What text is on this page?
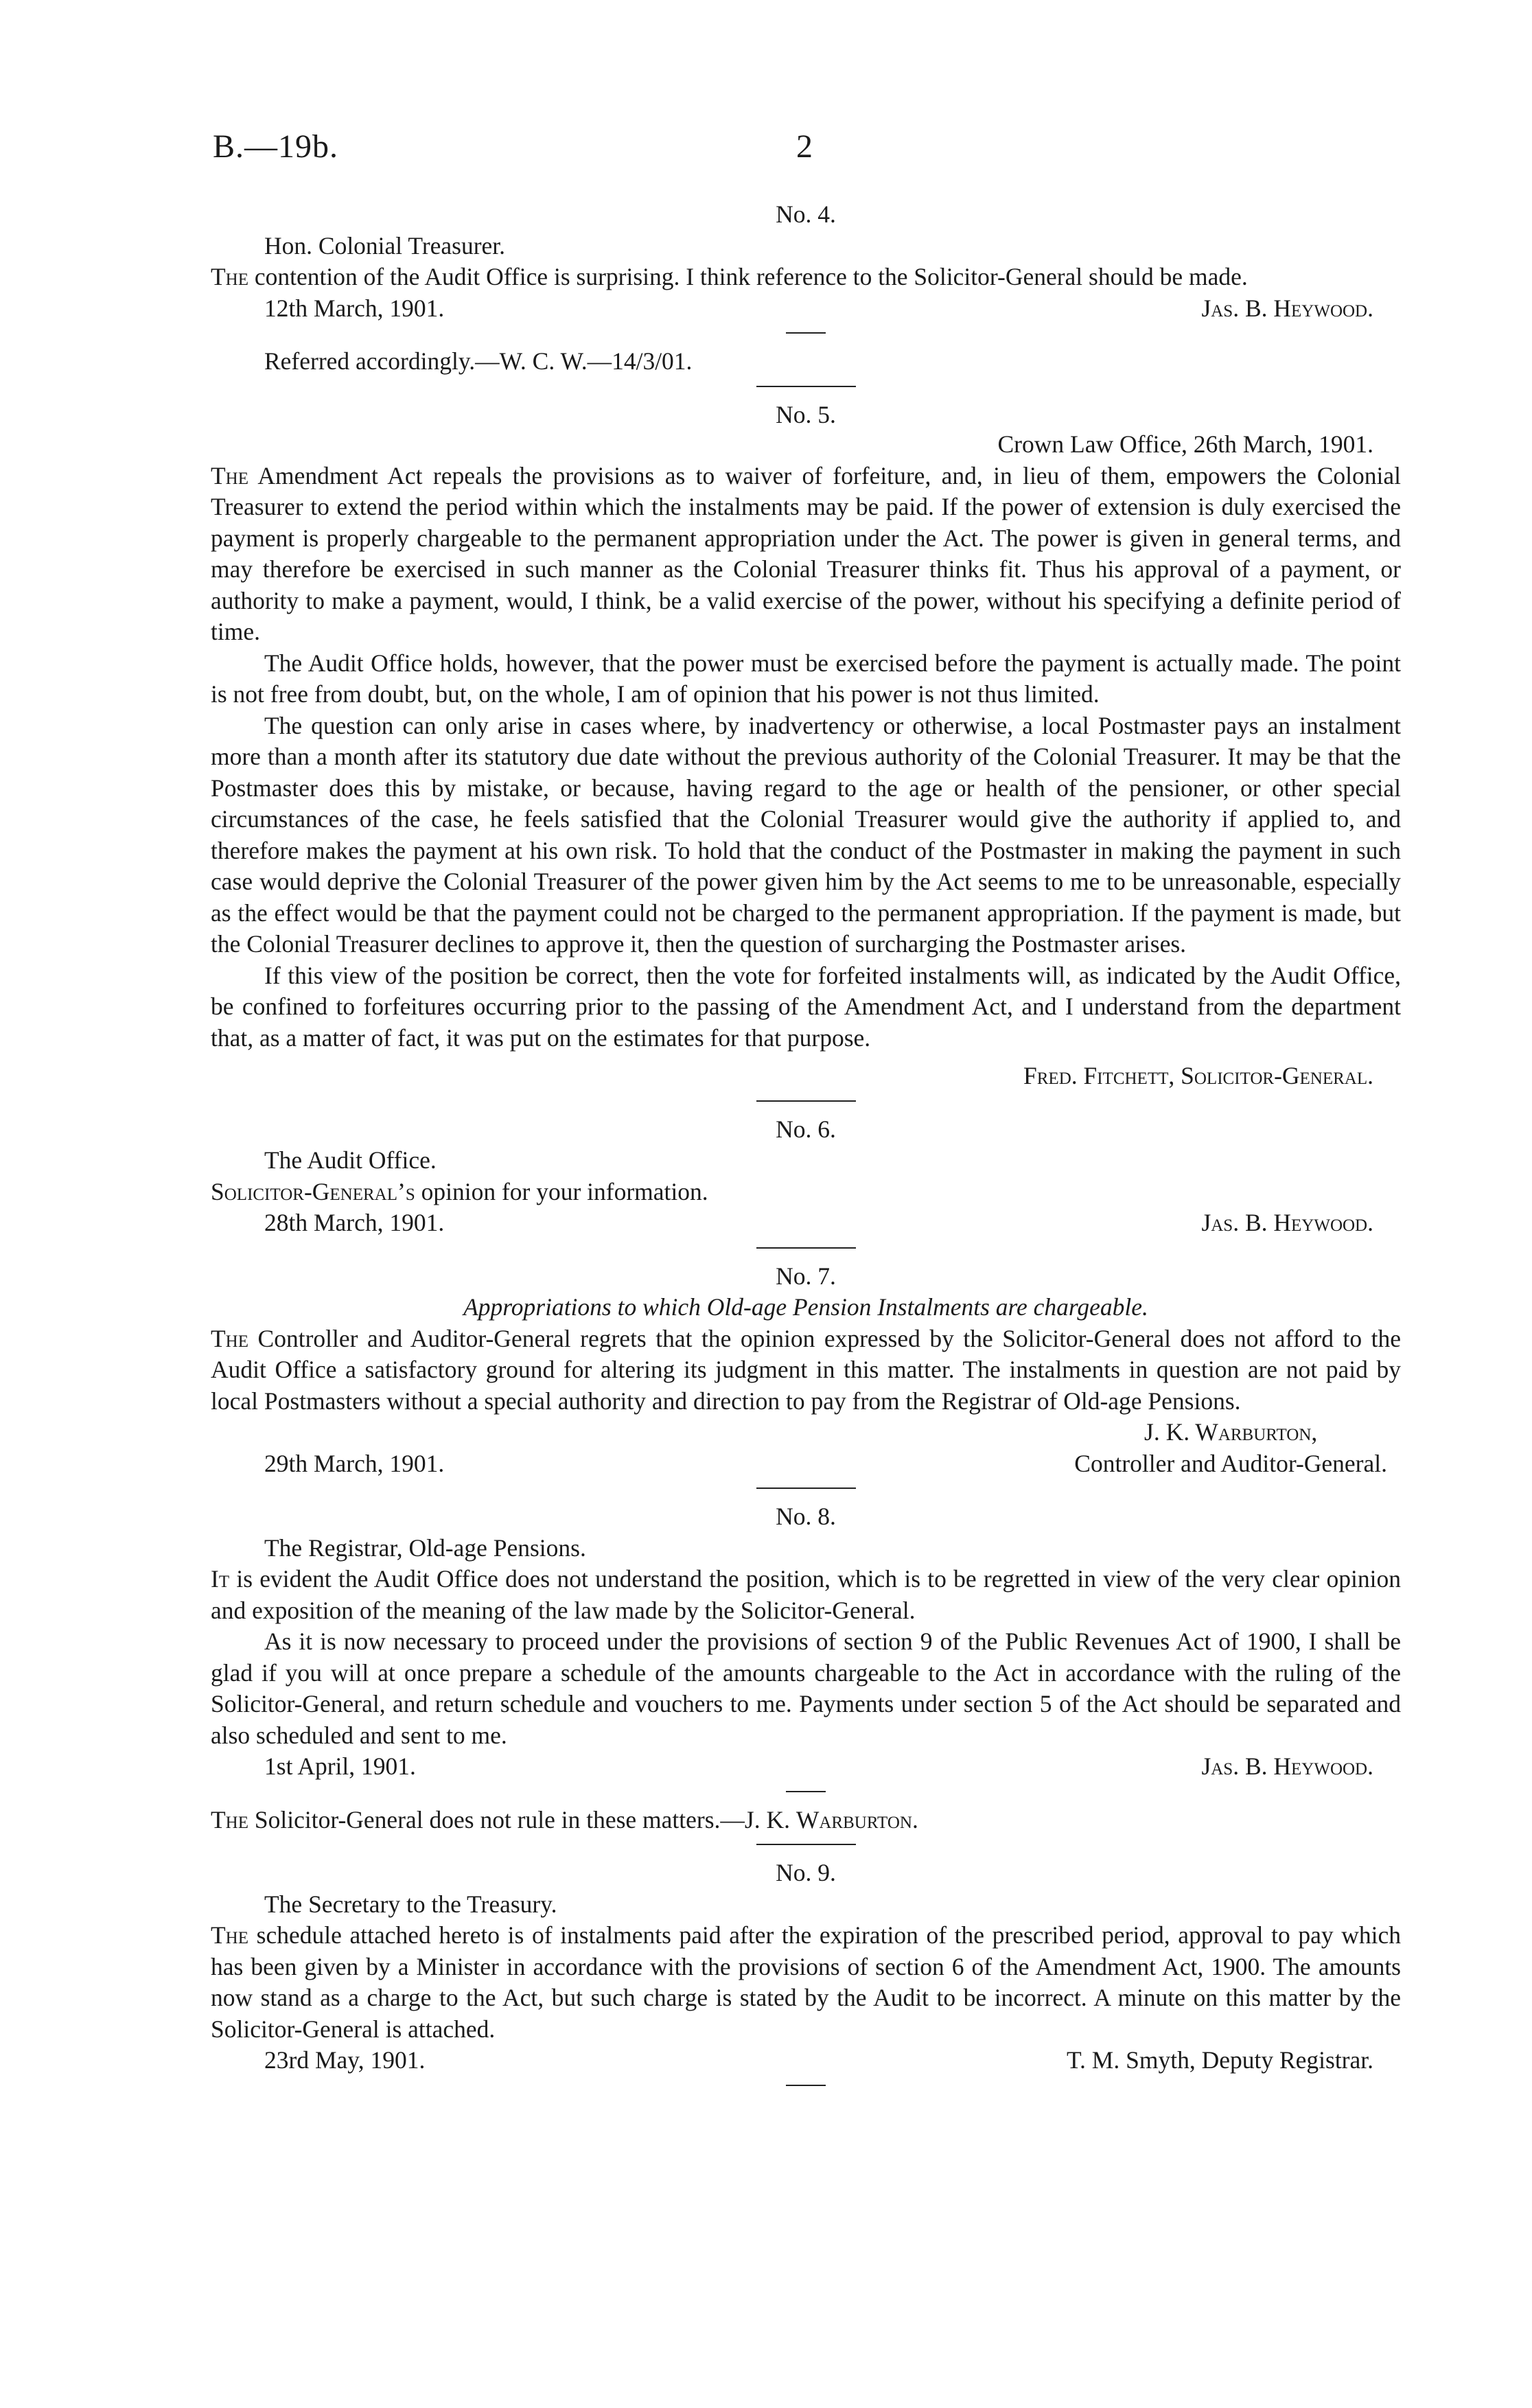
B.—19b.	2
No. 4.

Hon. Colonial Treasurer.

The contention of the Audit Office is surprising. I think reference to the Solicitor-General should be made.

12th March, 1901.	Jas. B. Heywood.

Referred accordingly.—W. C. W.—14/3/01.

No. 5.
Crown Law Office, 26th March, 1901.

The Amendment Act repeals the provisions as to waiver of forfeiture, and, in lieu of them, empowers the Colonial Treasurer to extend the period within which the instalments may be paid. If the power of extension is duly exercised the payment is properly chargeable to the permanent appropriation under the Act. The power is given in general terms, and may therefore be exercised in such manner as the Colonial Treasurer thinks fit. Thus his approval of a payment, or authority to make a payment, would, I think, be a valid exercise of the power, without his specifying a definite period of time.

The Audit Office holds, however, that the power must be exercised before the payment is actually made. The point is not free from doubt, but, on the whole, I am of opinion that his power is not thus limited.

The question can only arise in cases where, by inadvertency or otherwise, a local Postmaster pays an instalment more than a month after its statutory due date without the previous authority of the Colonial Treasurer. It may be that the Postmaster does this by mistake, or because, having regard to the age or health of the pensioner, or other special circumstances of the case, he feels satisfied that the Colonial Treasurer would give the authority if applied to, and therefore makes the payment at his own risk. To hold that the conduct of the Postmaster in making the payment in such case would deprive the Colonial Treasurer of the power given him by the Act seems to me to be unreasonable, especially as the effect would be that the payment could not be charged to the permanent appropriation. If the payment is made, but the Colonial Treasurer declines to approve it, then the question of surcharging the Postmaster arises.

If this view of the position be correct, then the vote for forfeited instalments will, as indicated by the Audit Office, be confined to forfeitures occurring prior to the passing of the Amendment Act, and I understand from the department that, as a matter of fact, it was put on the estimates for that purpose.

Fred. Fitchett, Solicitor-General.
No. 6.

The Audit Office.

Solicitor-General’s opinion for your information.

28th March, 1901.	Jas. B. Heywood.
No. 7.
Appropriations to which Old-age Pension Instalments are chargeable.

The Controller and Auditor-General regrets that the opinion expressed by the Solicitor-General does not afford to the Audit Office a satisfactory ground for altering its judgment in this matter. The instalments in question are not paid by local Postmasters without a special authority and direction to pay from the Registrar of Old-age Pensions.

29th March, 1901.
J. K. Warburton,
Controller and Auditor-General.
No. 8.

The Registrar, Old-age Pensions.

It is evident the Audit Office does not understand the position, which is to be regretted in view of the very clear opinion and exposition of the meaning of the law made by the Solicitor-General.

As it is now necessary to proceed under the provisions of section 9 of the Public Revenues Act of 1900, I shall be glad if you will at once prepare a schedule of the amounts chargeable to the Act in accordance with the ruling of the Solicitor-General, and return schedule and vouchers to me. Payments under section 5 of the Act should be separated and also scheduled and sent to me.

1st April, 1901.	Jas. B. Heywood.

The Solicitor-General does not rule in these matters.—J. K. Warburton.

No. 9.

The Secretary to the Treasury.

The schedule attached hereto is of instalments paid after the expiration of the prescribed period, approval to pay which has been given by a Minister in accordance with the provisions of section 6 of the Amendment Act, 1900. The amounts now stand as a charge to the Act, but such charge is stated by the Audit to be incorrect. A minute on this matter by the Solicitor-General is attached.

23rd May, 1901.	T. M. Smyth, Deputy Registrar.
